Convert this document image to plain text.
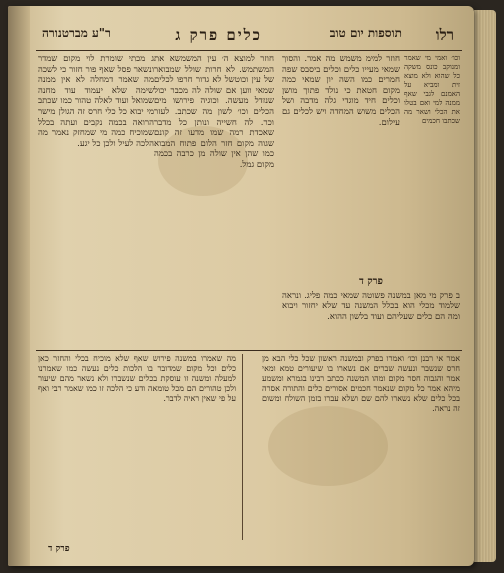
רלו
תוספות יום טוב
כלים פרק ג
ר"ע מברטנורה
וכו׳ ואמי מי שאמר ומנוקב כונס משקה כל שהוא ולא מוצא זית ומביא על האמנם לגבי שאף ממנה למי ואם בטלו את הכלי ושאר מה שכתבו חכמים
חוזר למימ משמש מה אמר. והסוך שמאי מעייו כלים וכלים ביסבס שפה חמרים כמו השה יון שמאי כמה מקום חטאת כי נולד פתוך מושן וכלים חיד מוגדי גלה מדבה ושל הכלים משוש המחדה ויש לכלים גם עילום.
חוזר למוצא ה׳ עין המשמשא את המשתמש. לא חרות שולל שמבואר של עין וכוטשל לא גדור חרפו לכלים שמאי ווען אם שולה לה מכבר יכול שנזדל מעשה. וכוגיה פירושו מים הכלים וכו׳ לשון מה שכתב. לעזר וכר. לה חשייה ונותן כל מדבר שאכדת רמה שמו מדעו זה קונם שגוה מקום חזר הלום פתוח המבוא כמו שהן אין שולה מן כרבה בכמה מקום גמל.
ג מכתי שומרת לוי מקום שמדר ונשאר פסל שאף פור חזור כי לשכה מה שאמר דמחלה לא אין ממנה שימה שלא יעמוד עוד מחנה שמואל ועוד לאלה טהור כמו שכתב מי יבוא כל כלי חרס זה הגולן מישר הרואה בכמה נקבים ועתה בכלל שמוכיח כמה מי שמחזק נאמר מה הלכה לעיל ולכן כל יגע.
פרק ד
ב פרק מי מאן במשנה פשוטה שמאי כמה פליג. ונראה שלמוד מכלי הוא בכלל המשנה עד שלא יחזור ויבוא ומה הם כלים שעליהם ועוד בלשון ההוא.
אמר אי רבנן וכו׳ ואמרו בפרק ובמשנה ראשון שכל כלי הבא מן חרס שנשבר ונעשה שברים אם נשארו בו שיעורים טמא ומאי אמר והגבוה חסר מקום ומהו המשנה ככתב רבינו בגמרא ומשמע מיהא אמר כל מקום שנאמר חכמים אסורים כלים והתורה אסרה בכל כלים שלא נשארו להם שם ושלא עברו בזמן השולח ומשום זה נראה.
מה שאמרו במשנה פירוש שאף שלא מוכיח בכלי והחזר כאן כלים וכל מקום שמדובר בו הלכות כלים נעשה כמו שאמרנו למעלה ומשנה זו עוסקת בכלים שנשברו ולא נשאר מהם שיעור ולכן טהורים הם מכל טומאה ודע כי הלכה זו כמו שאמר רבי ואף על פי שאין ראיה לדבר.
פרק ד
